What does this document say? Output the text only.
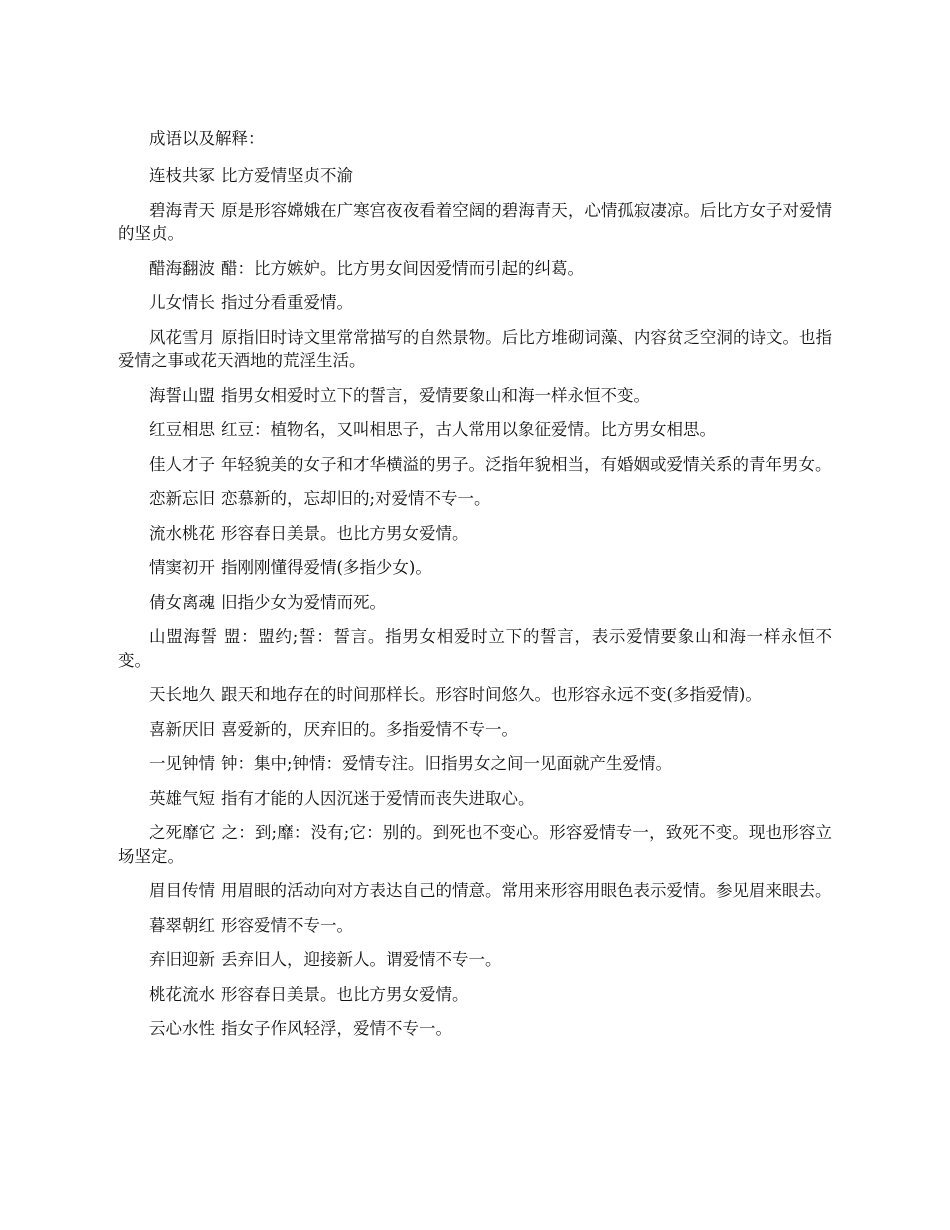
成语以及解释：

连枝共冢 比方爱情坚贞不渝

碧海青天 原是形容嫦娥在广寒宫夜夜看着空阔的碧海青天，心情孤寂凄凉。后比方女子对爱情的坚贞。

醋海翻波 醋：比方嫉妒。比方男女间因爱情而引起的纠葛。

儿女情长 指过分看重爱情。

风花雪月 原指旧时诗文里常常描写的自然景物。后比方堆砌词藻、内容贫乏空洞的诗文。也指爱情之事或花天酒地的荒淫生活。

海誓山盟 指男女相爱时立下的誓言，爱情要象山和海一样永恒不变。

红豆相思 红豆：植物名，又叫相思子，古人常用以象征爱情。比方男女相思。

佳人才子 年轻貌美的女子和才华横溢的男子。泛指年貌相当，有婚姻或爱情关系的青年男女。

恋新忘旧 恋慕新的，忘却旧的;对爱情不专一。

流水桃花 形容春日美景。也比方男女爱情。

情窦初开 指刚刚懂得爱情(多指少女)。

倩女离魂 旧指少女为爱情而死。

山盟海誓 盟：盟约;誓：誓言。指男女相爱时立下的誓言，表示爱情要象山和海一样永恒不变。

天长地久 跟天和地存在的时间那样长。形容时间悠久。也形容永远不变(多指爱情)。

喜新厌旧 喜爱新的，厌弃旧的。多指爱情不专一。

一见钟情 钟：集中;钟情：爱情专注。旧指男女之间一见面就产生爱情。

英雄气短 指有才能的人因沉迷于爱情而丧失进取心。

之死靡它 之：到;靡：没有;它：别的。到死也不变心。形容爱情专一，致死不变。现也形容立场坚定。

眉目传情 用眉眼的活动向对方表达自己的情意。常用来形容用眼色表示爱情。参见眉来眼去。

暮翠朝红 形容爱情不专一。

弃旧迎新 丢弃旧人，迎接新人。谓爱情不专一。

桃花流水 形容春日美景。也比方男女爱情。

云心水性 指女子作风轻浮，爱情不专一。
